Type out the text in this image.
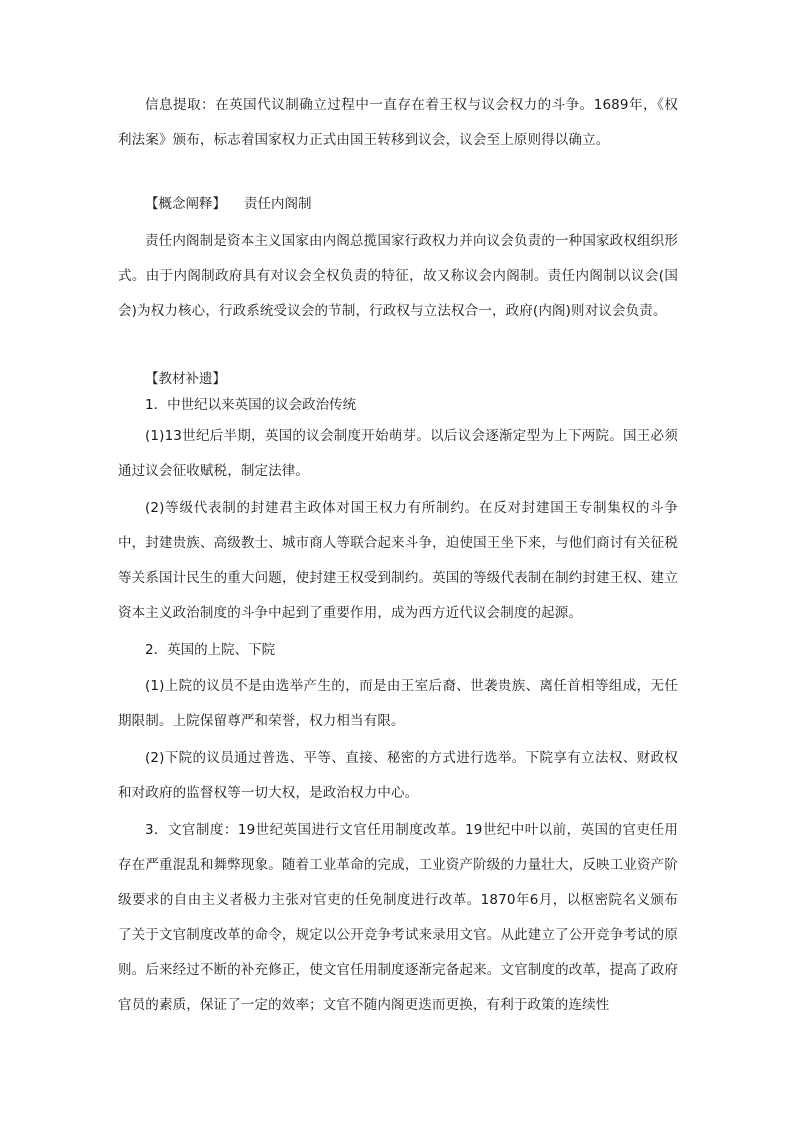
信息提取：在英国代议制确立过程中一直存在着王权与议会权力的斗争。1689年，《权利法案》颁布，标志着国家权力正式由国王转移到议会，议会至上原则得以确立。

【概念阐释】 责任内阁制

责任内阁制是资本主义国家由内阁总揽国家行政权力并向议会负责的一种国家政权组织形式。由于内阁制政府具有对议会全权负责的特征，故又称议会内阁制。责任内阁制以议会(国会)为权力核心，行政系统受议会的节制，行政权与立法权合一，政府(内阁)则对议会负责。

【教材补遗】
1．中世纪以来英国的议会政治传统

(1)13世纪后半期，英国的议会制度开始萌芽。以后议会逐渐定型为上下两院。国王必须通过议会征收赋税，制定法律。

(2)等级代表制的封建君主政体对国王权力有所制约。在反对封建国王专制集权的斗争中，封建贵族、高级教士、城市商人等联合起来斗争，迫使国王坐下来，与他们商讨有关征税等关系国计民生的重大问题，使封建王权受到制约。英国的等级代表制在制约封建王权、建立资本主义政治制度的斗争中起到了重要作用，成为西方近代议会制度的起源。

2．英国的上院、下院

(1)上院的议员不是由选举产生的，而是由王室后裔、世袭贵族、离任首相等组成，无任期限制。上院保留尊严和荣誉，权力相当有限。

(2)下院的议员通过普选、平等、直接、秘密的方式进行选举。下院享有立法权、财政权和对政府的监督权等一切大权，是政治权力中心。

3．文官制度：19世纪英国进行文官任用制度改革。19世纪中叶以前，英国的官吏任用存在严重混乱和舞弊现象。随着工业革命的完成，工业资产阶级的力量壮大，反映工业资产阶级要求的自由主义者极力主张对官吏的任免制度进行改革。1870年6月，以枢密院名义颁布了关于文官制度改革的命令，规定以公开竞争考试来录用文官。从此建立了公开竞争考试的原则。后来经过不断的补充修正，使文官任用制度逐渐完备起来。文官制度的改革，提高了政府官员的素质，保证了一定的效率；文官不随内阁更迭而更换，有利于政策的连续性
